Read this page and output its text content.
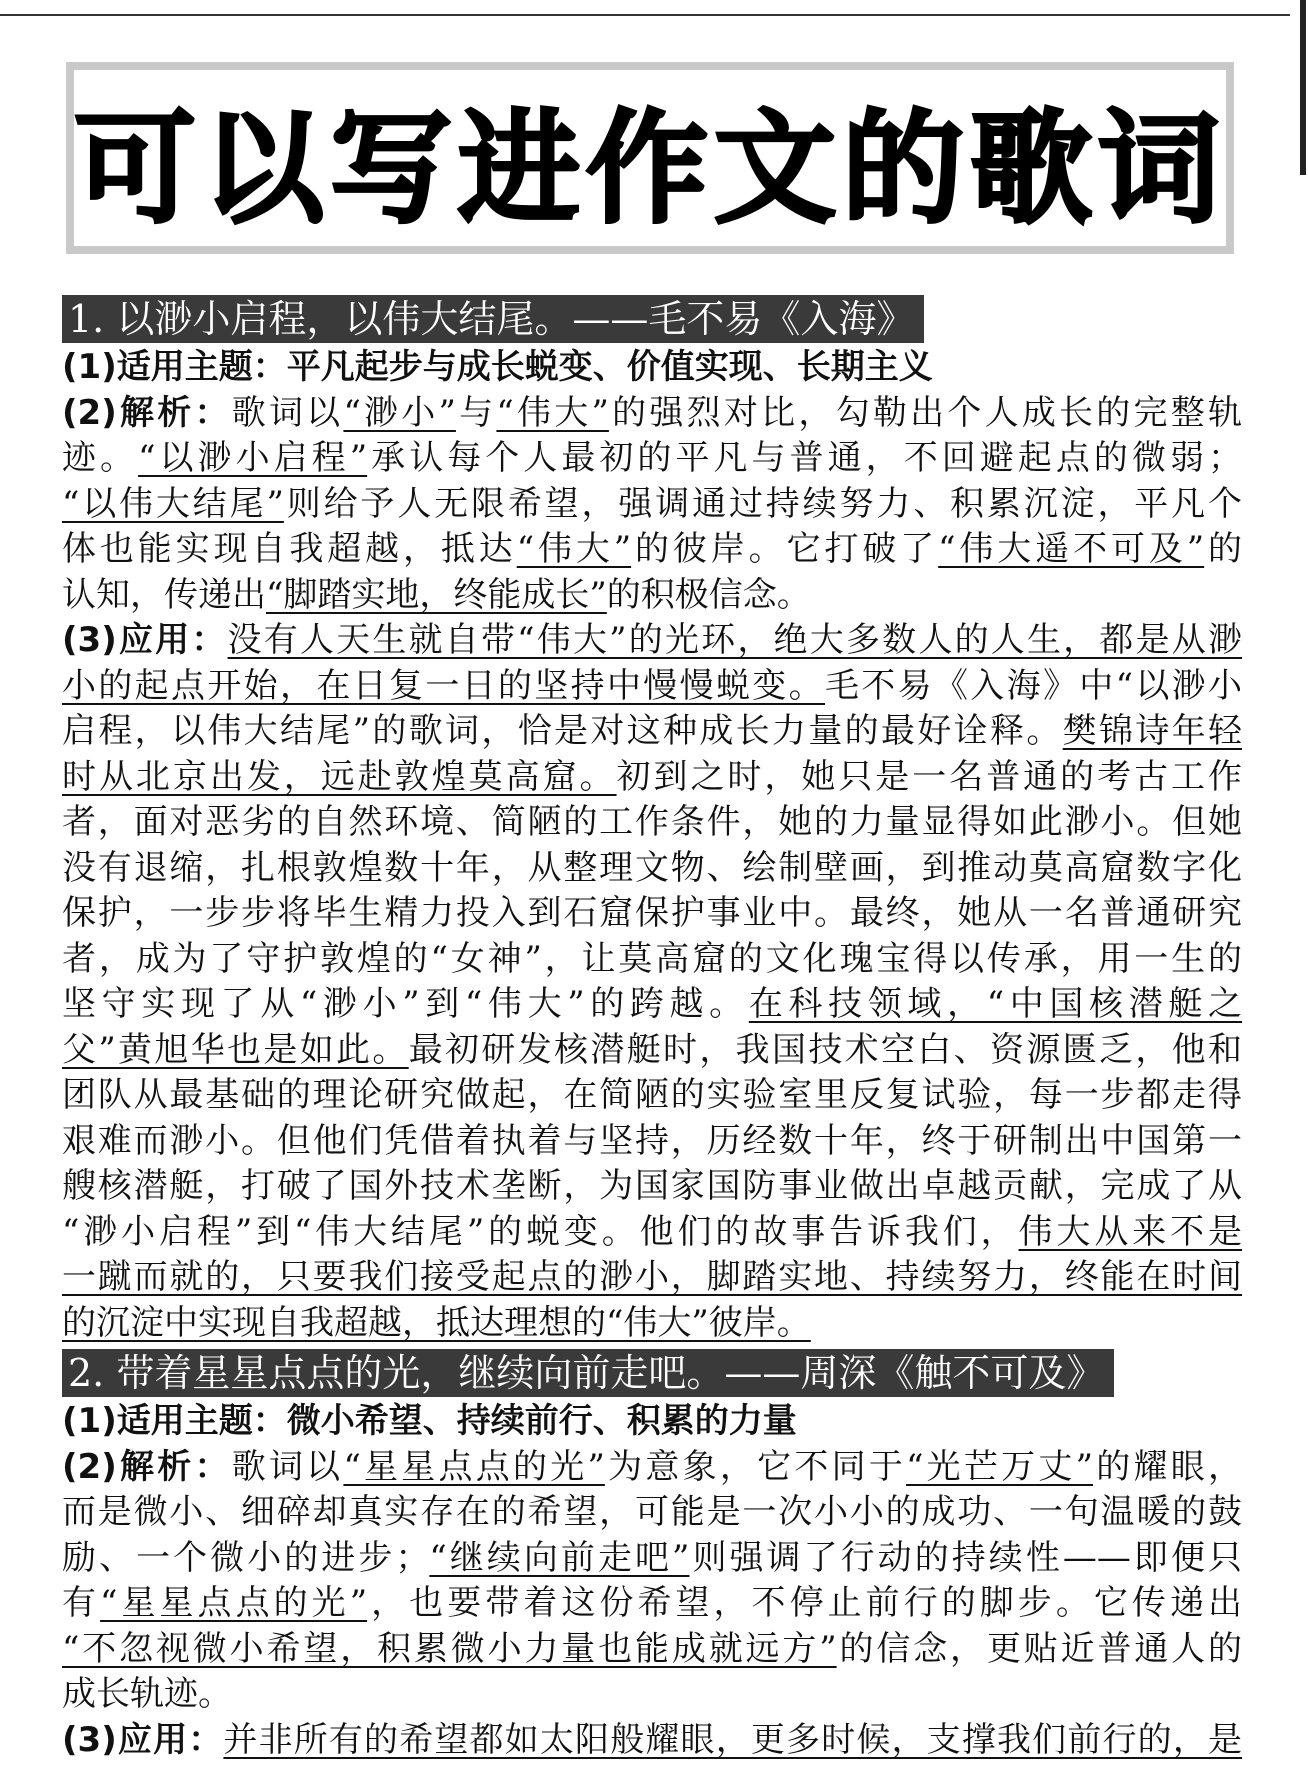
可以写进作文的歌词
1. 以渺小启程，以伟大结尾。——毛不易《入海》
(1)适用主题：平凡起步与成长蜕变、价值实现、长期主义
(2)解析：歌词以“渺小”与“伟大”的强烈对比，勾勒出个人成长的完整轨
迹。“以渺小启程”承认每个人最初的平凡与普通，不回避起点的微弱；
“以伟大结尾”则给予人无限希望，强调通过持续努力、积累沉淀，平凡个
体也能实现自我超越，抵达“伟大”的彼岸。它打破了“伟大遥不可及”的
认知，传递出“脚踏实地，终能成长”的积极信念。
(3)应用：没有人天生就自带“伟大”的光环，绝大多数人的人生，都是从渺
小的起点开始，在日复一日的坚持中慢慢蜕变。毛不易《入海》中“以渺小
启程，以伟大结尾”的歌词，恰是对这种成长力量的最好诠释。樊锦诗年轻
时从北京出发，远赴敦煌莫高窟。初到之时，她只是一名普通的考古工作
者，面对恶劣的自然环境、简陋的工作条件，她的力量显得如此渺小。但她
没有退缩，扎根敦煌数十年，从整理文物、绘制壁画，到推动莫高窟数字化
保护，一步步将毕生精力投入到石窟保护事业中。最终，她从一名普通研究
者，成为了守护敦煌的“女神”，让莫高窟的文化瑰宝得以传承，用一生的
坚守实现了从“渺小”到“伟大”的跨越。在科技领域，“中国核潜艇之
父”黄旭华也是如此。最初研发核潜艇时，我国技术空白、资源匮乏，他和
团队从最基础的理论研究做起，在简陋的实验室里反复试验，每一步都走得
艰难而渺小。但他们凭借着执着与坚持，历经数十年，终于研制出中国第一
艘核潜艇，打破了国外技术垄断，为国家国防事业做出卓越贡献，完成了从
“渺小启程”到“伟大结尾”的蜕变。他们的故事告诉我们，伟大从来不是
一蹴而就的，只要我们接受起点的渺小，脚踏实地、持续努力，终能在时间
的沉淀中实现自我超越，抵达理想的“伟大”彼岸。
2. 带着星星点点的光，继续向前走吧。——周深《触不可及》
(1)适用主题：微小希望、持续前行、积累的力量
(2)解析：歌词以“星星点点的光”为意象，它不同于“光芒万丈”的耀眼，
而是微小、细碎却真实存在的希望，可能是一次小小的成功、一句温暖的鼓
励、一个微小的进步；“继续向前走吧”则强调了行动的持续性——即便只
有“星星点点的光”，也要带着这份希望，不停止前行的脚步。它传递出
“不忽视微小希望，积累微小力量也能成就远方”的信念，更贴近普通人的
成长轨迹。
(3)应用：并非所有的希望都如太阳般耀眼，更多时候，支撑我们前行的，是
